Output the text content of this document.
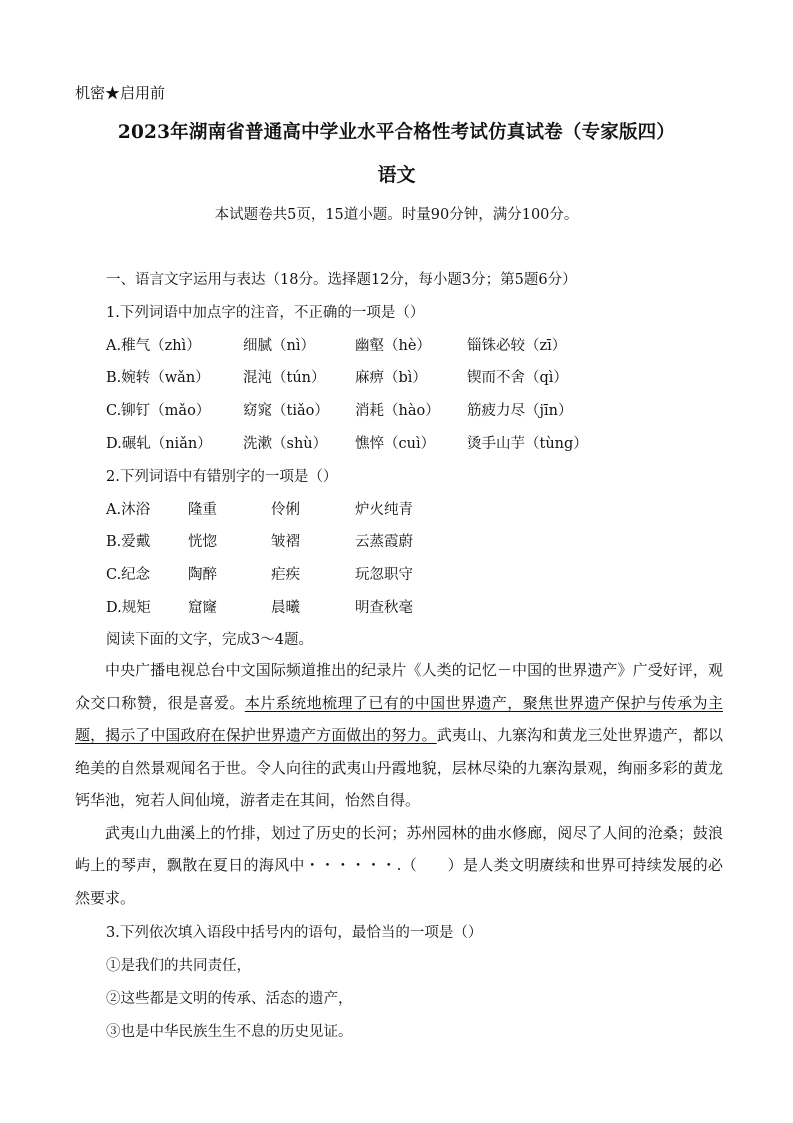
机密★启用前
2023年湖南省普通高中学业水平合格性考试仿真试卷（专家版四）
语文
本试题卷共5页，15道小题。时量90分钟，满分100分。
一、语言文字运用与表达（18分。选择题12分，每小题3分；第5题6分）
1.下列词语中加点字的注音，不正确的一项是（）
A.稚气（zhì）	细腻（nì）	幽壑（hè） 锱铢必较（zī）
B.婉转（wǎn） 混沌（tún） 麻痹（bì）	锲而不舍（qì）
C.铆钉（mǎo） 窈窕（tiǎo） 消耗（hào） 筋疲力尽（jīn）
D.碾轧（niǎn） 洗漱（shù） 憔悴（cuì） 烫手山芋（tùng）
2.下列词语中有错别字的一项是（）
A.沐浴	隆重	伶俐	炉火纯青
B.爱戴	恍惚	皱褶	云蒸霞蔚
C.纪念	陶醉	疟疾	玩忽职守
D.规矩	窟窿	晨曦	明查秋毫
阅读下面的文字，完成3～4题。

中央广播电视总台中文国际频道推出的纪录片《人类的记忆－中国的世界遗产》广受好评，观众交口称赞，很是喜爱。本片系统地梳理了已有的中国世界遗产，聚焦世界遗产保护与传承为主题，揭示了中国政府在保护世界遗产方面做出的努力。武夷山、九寨沟和黄龙三处世界遗产，都以绝美的自然景观闻名于世。令人向往的武夷山丹霞地貌，层林尽染的九寨沟景观，绚丽多彩的黄龙钙华池，宛若人间仙境，游者走在其间，怡然自得。

武夷山九曲溪上的竹排，划过了历史的长河；苏州园林的曲水修廊，阅尽了人间的沧桑；鼓浪屿上的琴声，飘散在夏日的海风中・・・・・・.（　　）是人类文明赓续和世界可持续发展的必然要求。

3.下列依次填入语段中括号内的语句，最恰当的一项是（）
①是我们的共同责任，
②这些都是文明的传承、活态的遗产，
③也是中华民族生生不息的历史见证。
